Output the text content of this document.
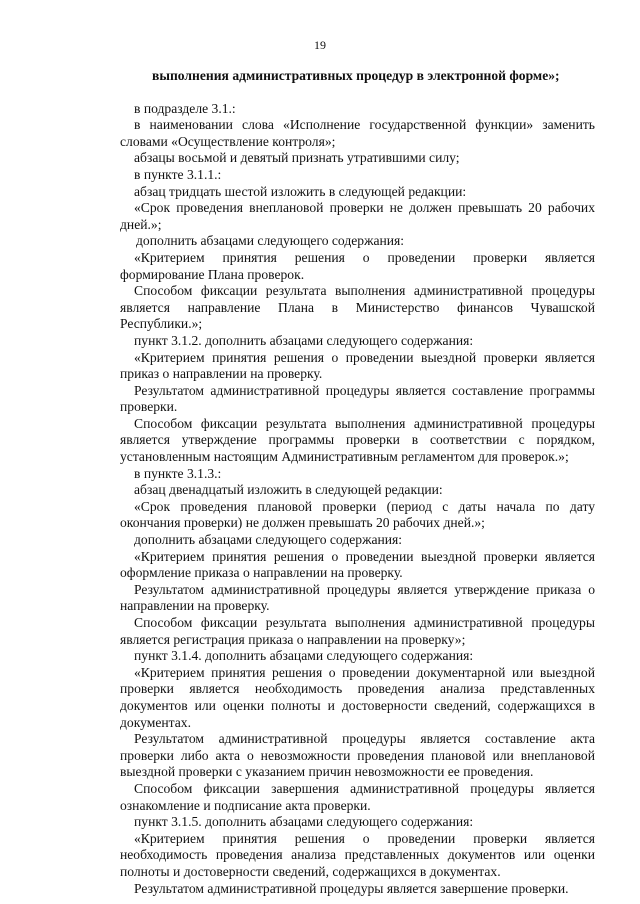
19
выполнения административных процедур в электронной форме»;

в подразделе 3.1.:

в наименовании слова «Исполнение государственной функции» заменить словами «Осуществление контроля»;

абзацы восьмой и девятый признать утратившими силу;

в пункте 3.1.1.:

абзац тридцать шестой изложить в следующей редакции:

«Срок проведения внеплановой проверки не должен превышать 20 рабочих дней.»;

дополнить абзацами следующего содержания:

«Критерием принятия решения о проведении проверки является формирование Плана проверок.

Способом фиксации результата выполнения административной процедуры является направление Плана в Министерство финансов Чувашской Республики.»;

пункт 3.1.2. дополнить абзацами следующего содержания:

«Критерием принятия решения о проведении выездной проверки является приказ о направлении на проверку.

Результатом административной процедуры является составление программы проверки.

Способом фиксации результата выполнения административной процедуры является утверждение программы проверки в соответствии с порядком, установленным настоящим Административным регламентом для проверок.»;

в пункте 3.1.3.:

абзац двенадцатый изложить в следующей редакции:

«Срок проведения плановой проверки (период с даты начала по дату окончания проверки) не должен превышать 20 рабочих дней.»;

дополнить абзацами следующего содержания:

«Критерием принятия решения о проведении выездной проверки является оформление приказа о направлении на проверку.

Результатом административной процедуры является утверждение приказа о направлении на проверку.

Способом фиксации результата выполнения административной процедуры является регистрация приказа о направлении на проверку»;

пункт 3.1.4. дополнить абзацами следующего содержания:

«Критерием принятия решения о проведении документарной или выездной проверки является необходимость проведения анализа представленных документов или оценки полноты и достоверности сведений, содержащихся в документах.

Результатом административной процедуры является составление акта проверки либо акта о невозможности проведения плановой или внеплановой выездной проверки с указанием причин невозможности ее проведения.

Способом фиксации завершения административной процедуры является ознакомление и подписание акта проверки.

пункт 3.1.5. дополнить абзацами следующего содержания:

«Критерием принятия решения о проведении проверки является необходимость проведения анализа представленных документов или оценки полноты и достоверности сведений, содержащихся в документах.

Результатом административной процедуры является завершение проверки.
